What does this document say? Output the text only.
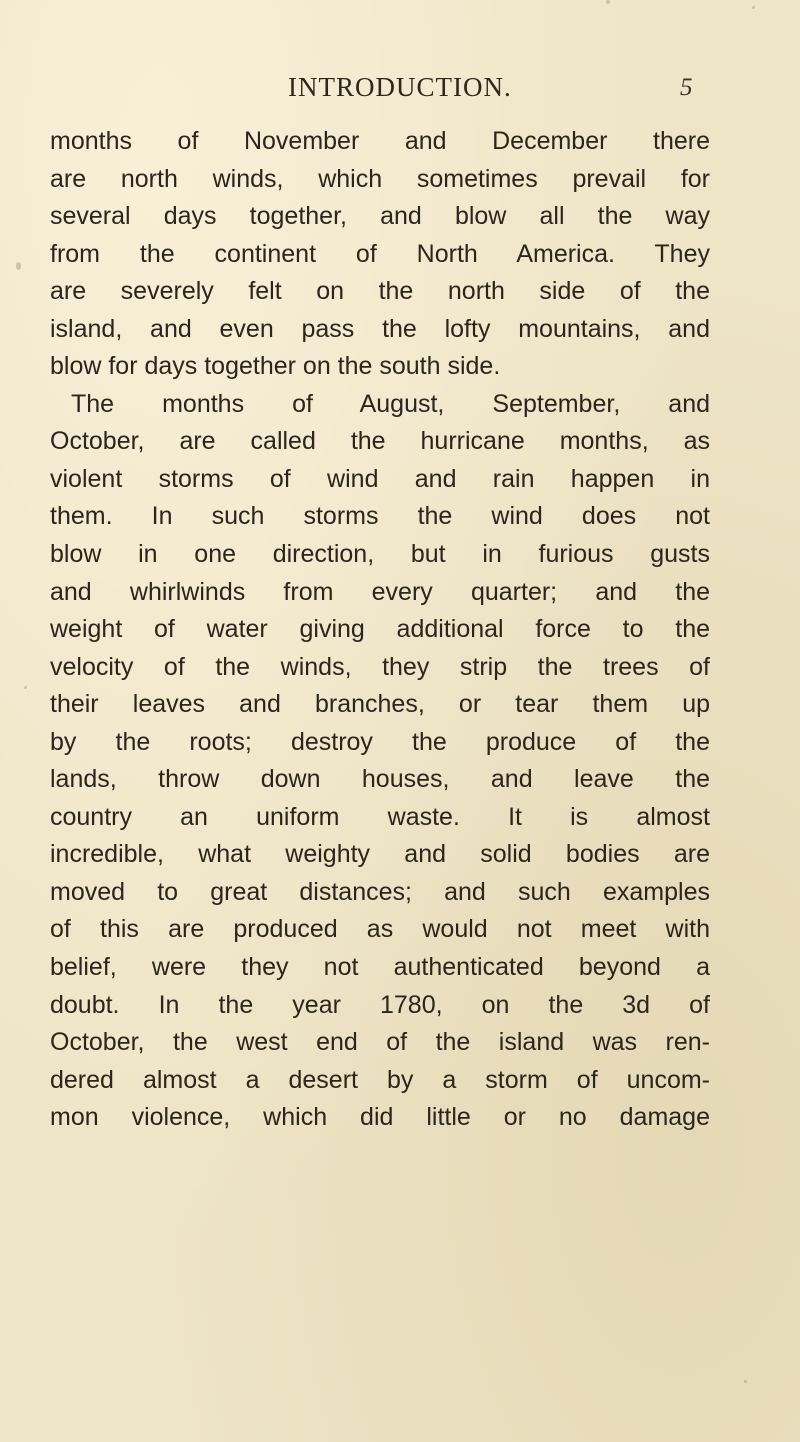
INTRODUCTION.	5
months of November and December there
are north winds, which sometimes prevail for
several days together, and blow all the way
from the continent of North America. They
are severely felt on the north side of the
island, and even pass the lofty mountains, and
blow for days together on the south side.
The months of August, September, and
October, are called the hurricane months, as
violent storms of wind and rain happen in
them. In such storms the wind does not
blow in one direction, but in furious gusts
and whirlwinds from every quarter; and the
weight of water giving additional force to the
velocity of the winds, they strip the trees of
their leaves and branches, or tear them up
by the roots; destroy the produce of the
lands, throw down houses, and leave the
country an uniform waste. It is almost
incredible, what weighty and solid bodies are
moved to great distances; and such examples
of this are produced as would not meet with
belief, were they not authenticated beyond a
doubt. In the year 1780, on the 3d of
October, the west end of the island was ren-
dered almost a desert by a storm of uncom-
mon violence, which did little or no damage
